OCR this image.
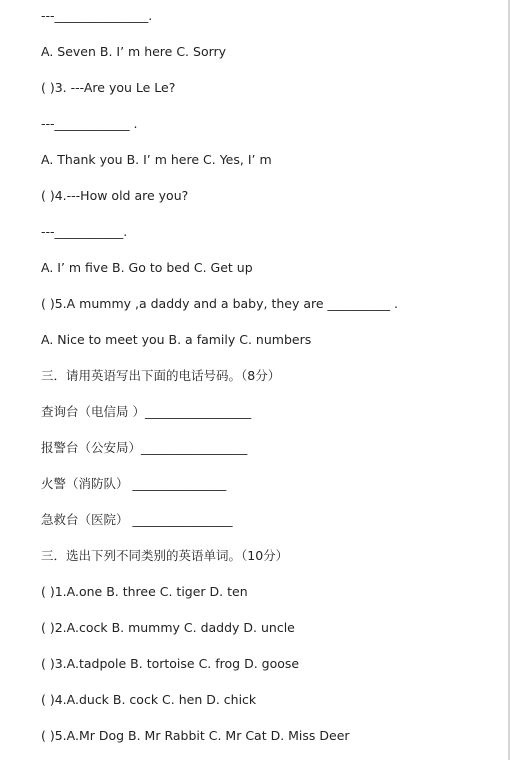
---_______________.
A. Seven B. I’ m here C. Sorry
( )3. ---Are you Le Le?
---____________ .
A. Thank you B. I’ m here C. Yes, I’ m
( )4.---How old are you?
---___________.
A. I’ m five B. Go to bed C. Get up
( )5.A mummy ,a daddy and a baby, they are __________ .
A. Nice to meet you B. a family C. numbers
三．请用英语写出下面的电话号码。（8分）
查询台（电信局 ）_________________
报警台（公安局）_________________
火警（消防队） _______________
急救台（医院） ________________
三．选出下列不同类别的英语单词。（10分）
( )1.A.one B. three C. tiger D. ten
( )2.A.cock B. mummy C. daddy D. uncle
( )3.A.tadpole B. tortoise C. frog D. goose
( )4.A.duck B. cock C. hen D. chick
( )5.A.Mr Dog B. Mr Rabbit C. Mr Cat D. Miss Deer
